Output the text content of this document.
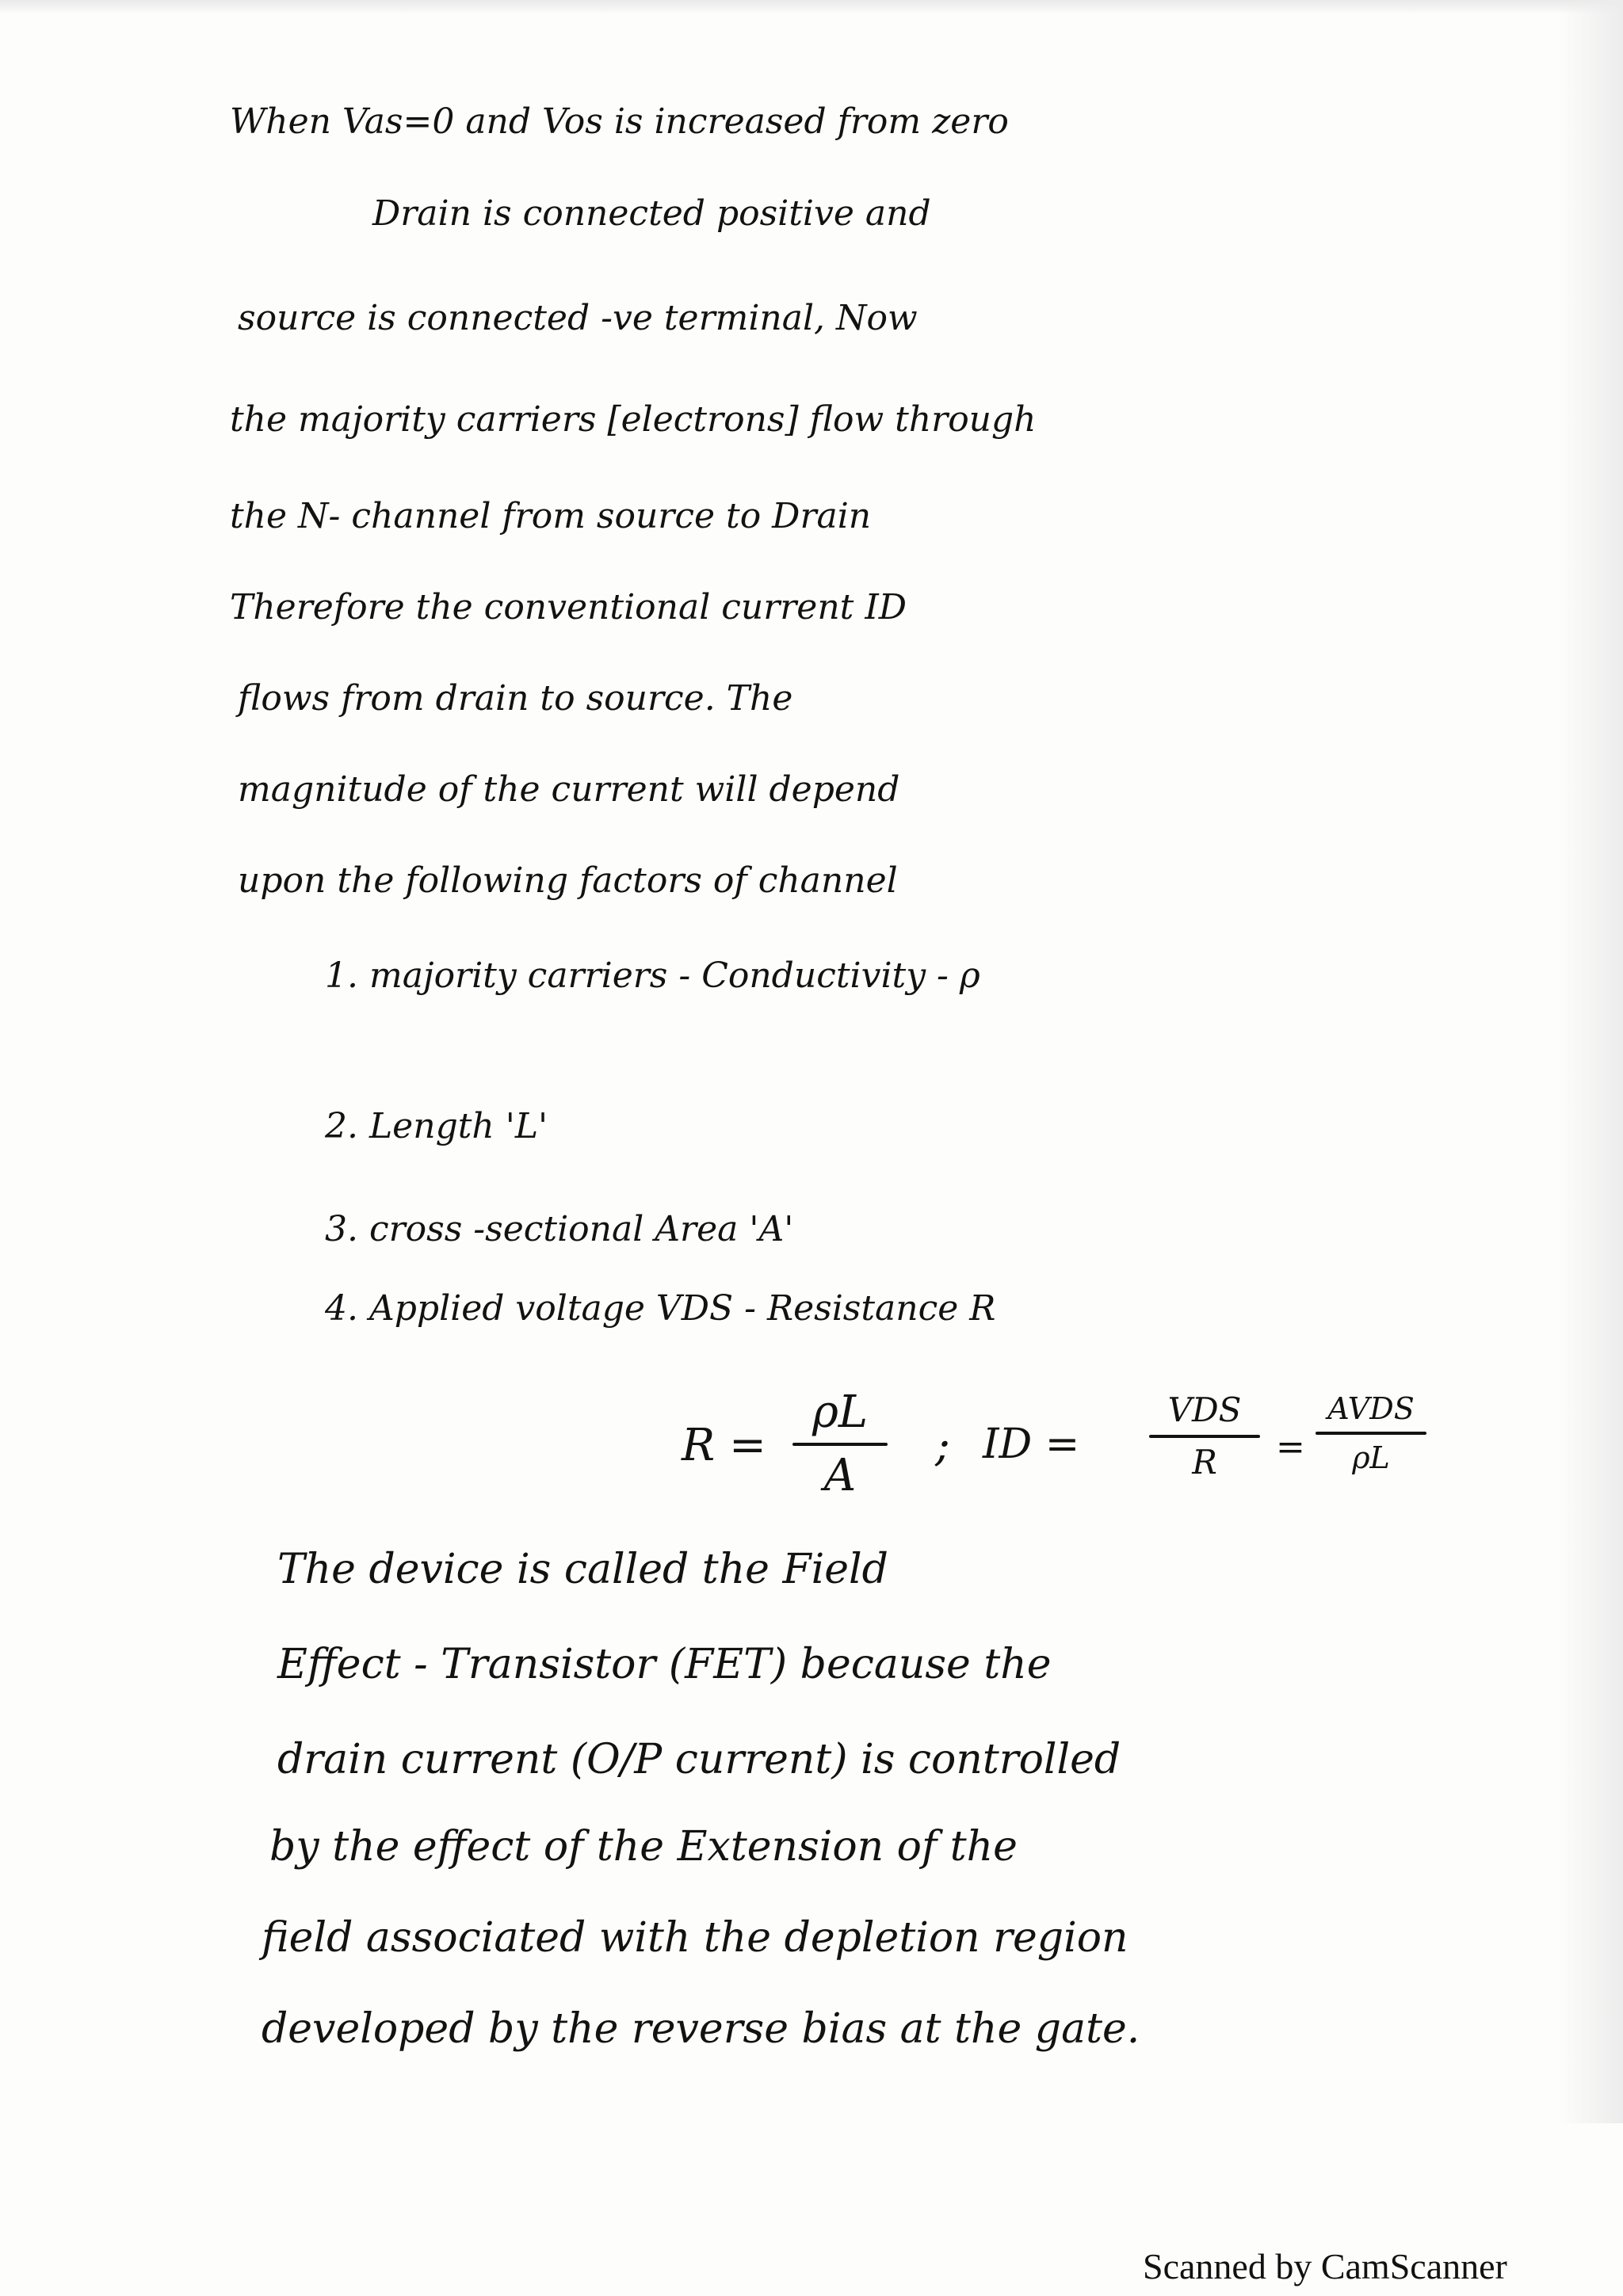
When Vas=0 and Vos is increased from zero
Drain is connected positive and
source is connected -ve terminal, Now
the majority carriers [electrons] flow through
the N- channel from source to Drain
Therefore the conventional current ID
flows from drain to source. The
magnitude of the current will depend
upon the following factors of channel
1. majority carriers - Conductivity - ρ
2. Length 'L'
3. cross -sectional Area 'A'
4. Applied voltage VDS - Resistance R
R =
ρL
A
; ID =
VDS
R	=
AVDS
ρL
The device is called the Field
Effect - Transistor (FET) because the
drain current (O/P current) is controlled
by the effect of the Extension of the
field associated with the depletion region
developed by the reverse bias at the gate.
Scanned by CamScanner
